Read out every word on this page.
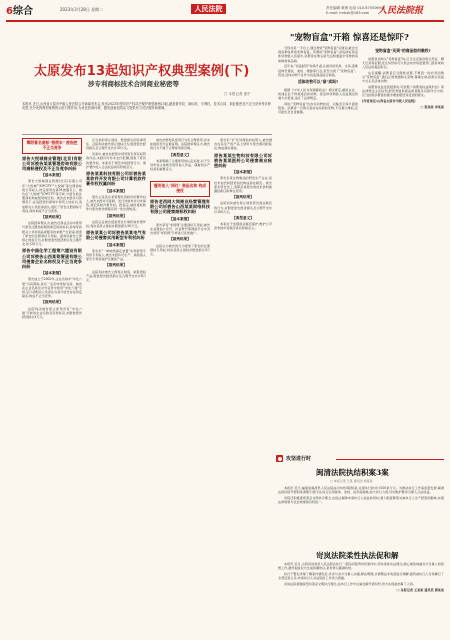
6综合	2023年3月28日 星期二	人民法院	责任编辑 黄海 电话 010-67550694
E-mail: mrbzh@163.com 人民法院报
太原发布13起知识产权典型案例(下)
涉专利商标技术合同商业秘密等
□ 本报记者 庞中
本报讯 近日,山西省太原市中级人民法院召开新闻发布会,发布2022年度知识产权司法保护典型案例13起,涵盖著作权、商标权、专利权、技术合同、商业秘密及不正当竞争等多种类型,充分发挥典型案例的示范引领作用,为优化营商环境、激发创新创造活力提供有力司法服务和保障。
擎附著名商标"搭便车" 被指控不正当竞争
原告大悦城商业管理(北京)有限公司诉被告某某管理咨询有限公司商标侵权及不正当竞争纠纷
【基本案情】

原告大悦城商业管理(北京)有限公司系"大悦城""JOYCITY""大悦城"等注册商标的专用权人,核定使用在第35类服务上。被告在"大悦城""JOYCITY"等字样,与原告的注册商标构成相同或近似。被告在未经许可的情况下,在其经营的商场中使用上述标识,造成相关公众混淆误认,侵犯了原告注册商标专用权,同时构成不正当竞争。

【裁判结果】

法院经审理认为,被告在商业活动中使用与原告注册商标相同或近似的标识,容易导致相关公众对商品或服务的来源产生混淆,侵害了原告的注册商标专用权。遂判决被告立即停止侵权行为,并赔偿原告经济损失及合理开支共计20万元。

原告中国化学工程第六建设有限公司诉被告山西某铭管道有限公司侵害企业名称权及不正当竞争纠纷
【基本案情】

原告成立于2000年,企业名称中"中化六建"为其简称,具有一定的市场知名度。被告在企业名称及对外宣传中使用"中化六建"字样,足以使相关公众误认为其与原告存在特定联系,构成不正当竞争。

【裁判结果】

法院判决被告停止使用含有"中化六建"字样的企业名称及宣传标识,并赔偿原告经济损失5万元。

应当承担停止侵权、赔偿损失的民事责任。法院判决被告停止侵权行为,赔偿原告经济损失及合理开支共计30万元。

该案中,被告在经营中使用原告享有权利的作品,未经许可亦未支付报酬,侵害了原告的著作权。本案对于规范市场经营行为、保护著作权人合法权益具有积极意义。

原告某某科技有限公司诉被告某某软件开发有限公司计算机软件著作权权属纠纷
【基本案情】

原告主张其系某管理系统软件的著作权人,被告未经许可复制、发行该软件并对外销售,侵犯其软件著作权。经鉴定,被控侵权软件与原告软件源程序同一性比例较高。

【裁判结果】

法院认定被告侵害原告计算机软件著作权,判决其停止侵权并赔偿损失50万元。

原告某某公司诉被告某某电气有限公司侵害实用新型专利权纠纷
【基本案情】

原告系"一种电缆固定装置"实用新型专利的专利权人,被告未经许可生产、销售落入原告专利权保护范围的产品。

【裁判结果】

法院判决被告立即停止制造、销售侵权产品,赔偿原告经济损失及合理开支共计8万元。

被告抗辩称其使用行为系合理使用,但未能提供充分证据证明。法院经审理认为,被告的行为不属于合理使用的范畴。

【典型意义】

本案明确了合理使用的认定标准,对于引导市场主体规范使用他人作品、尊重知识产权具有重要意义。

擅用他人"网红" 商品名称 构成侵权
原告老西网大同商业经营管理有限公司诉被告山西某某网络科技有限公司侵害商标权纠纷
【基本案情】

原告享有"老西网"注册商标专用权,被告在其微信公众号、抖音账号等网络平台中突出使用"老西网"字样进行宣传推广。

【裁判结果】

法院认为被告的行为侵害了原告的注册商标专用权,判决其停止侵权并赔偿损失3万元。

原告系"米"系列商标的权利人,被告擅自在其生产的产品上使用与原告相同的标识,构成商标侵权。

原告某某生物科技有限公司诉被告某某医药公司侵害商业秘密纠纷
【基本案情】

原告系某生物制品的研发生产企业,其技术信息和经营信息构成商业秘密。被告原系原告员工,离职后将原告的技术资料披露给新任职单位使用。

【裁判结果】

法院判决被告停止侵害原告商业秘密的行为,并赔偿原告经济损失及合理开支共计100万元。

【典型意义】

本案对于加强商业秘密保护,维护公平竞争的市场秩序具有积极意义。

"宠物盲盒"开箱 惊喜还是惊吓?

当你在某一平台上,通过搜索"宠物盲盒"关键词,就会出现各种各样的宠物盲盒。所谓的"宠物盲盒",是指商家将活体宠物装入盲盒中,消费者在购买前无法知道盒中宠物的具体种类和品相。

近年来,"盲盒经济"持续升温,从最初的玩具、文具,逐渐延伸至餐饮、美妆、旅游等行业,甚至出现了"宠物盲盒"。然而,活体动物不宜作为盲盒商品进行销售。

活体动物可以"盲"卖吗?

根据《中华人民共和国邮政法》相关规定,邮政企业、快递企业不得寄递活的动物。将活体宠物装入盲盒通过快递方式寄送,违反了法律规定。

同时,"宠物盲盒"也存在动物检疫、运输安全等方面的隐患。消费者一旦购买到存在疾病的宠物,不仅难以维权,还可能危及自身健康。

宠物盲盒"买到"的商品如何维权?

消费者在购买"宠物盲盒"时,应当注意保存购买凭证、聊天记录等证据,发生纠纷时可以依法向市场监管部门投诉或向人民法院提起诉讼。

法官提醒,消费者应当理性消费,不要因一时好奇而购买"宠物盲盒",通过正规渠道购买宠物,尊重生命,拒绝以盲盒方式买卖活体动物。

消费者权益受到侵害时,可依据《消费者权益保护法》等法律规定主张权利,经营者提供商品或者服务有欺诈行为的,应当按照消费者的要求增加赔偿其受到的损失。

(作者单位:山西省太原市中级人民法院)

□ 张某某 李某某

攻坚进行时
闽清法院执结积案3案
□ 本报记者 王某 通讯员 刘某某

本报讯 近日,福建省闽清县人民法院成功执结3起积案,兑现执行款共计200余万元。为推动执行工作高质量发展,闽清法院持续开展积案清理专项行动,综合运用查询、冻结、拍卖等措施,加大执行力度,切实维护胜诉当事人合法权益。

该院还积极探索善意文明执行理念,在依法保障申请执行人权益的同时,最大限度降低对被执行人生产经营的影响,实现法律效果与社会效果的有机统一。

岢岚法院柔性执法促和解

本报讯 近日,山西省岢岚县人民法院在执行一起民间借贷纠纷案件中,坚持柔性执法理念,耐心细致地做双方当事人的思想工作,最终促成双方达成和解协议,案件得以圆满执结。

执行干警在详细了解案件情况后,多次与双方当事人沟通,释法明理,从情理法多角度进行调解,最终被执行人当场履行了全部还款义务,申请执行人对法院的工作表示感谢。

岢岚法院将继续坚持善意文明执行理念,在执行工作中注重化解矛盾纠纷,努力实现案结事了人和。

□ 本报记者 王某某 通讯员 郭某某
